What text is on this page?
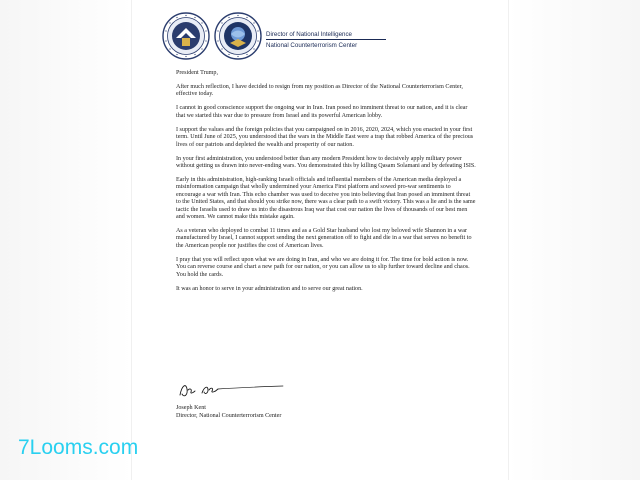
Director of National Intelligence
National Counterterrorism Center

President Trump,

After much reflection, I have decided to resign from my position as Director of the National Counterterrorism Center, effective today.

I cannot in good conscience support the ongoing war in Iran. Iran posed no imminent threat to our nation, and it is clear that we started this war due to pressure from Israel and its powerful American lobby.

I support the values and the foreign policies that you campaigned on in 2016, 2020, 2024, which you enacted in your first term. Until June of 2025, you understood that the wars in the Middle East were a trap that robbed America of the precious lives of our patriots and depleted the wealth and prosperity of our nation.

In your first administration, you understood better than any modern President how to decisively apply military power without getting us drawn into never-ending wars. You demonstrated this by killing Qasam Solamani and by defeating ISIS.

Early in this administration, high-ranking Israeli officials and influential members of the American media deployed a misinformation campaign that wholly undermined your America First platform and sowed pro-war sentiments to encourage a war with Iran. This echo chamber was used to deceive you into believing that Iran posed an imminent threat to the United States, and that should you strike now, there was a clear path to a swift victory. This was a lie and is the same tactic the Israelis used to draw us into the disastrous Iraq war that cost our nation the lives of thousands of our best men and women. We cannot make this mistake again.

As a veteran who deployed to combat 11 times and as a Gold Star husband who lost my beloved wife Shannon in a war manufactured by Israel, I cannot support sending the next generation off to fight and die in a war that serves no benefit to the American people nor justifies the cost of American lives.

I pray that you will reflect upon what we are doing in Iran, and who we are doing it for. The time for bold action is now. You can reverse course and chart a new path for our nation, or you can allow us to slip further toward decline and chaos. You hold the cards.

It was an honor to serve in your administration and to serve our great nation.

Joseph Kent
Director, National Counterterrorism Center
7Looms.com
